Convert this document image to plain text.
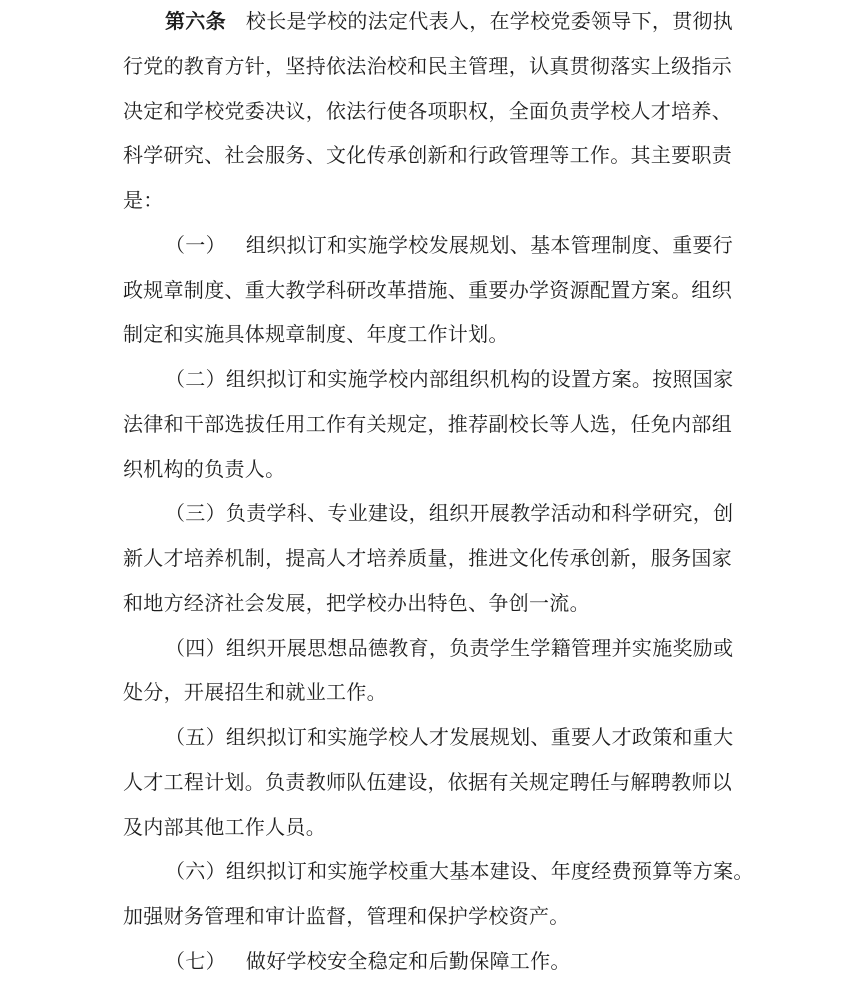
第六条 校长是学校的法定代表人，在学校党委领导下，贯彻执
行党的教育方针，坚持依法治校和民主管理，认真贯彻落实上级指示
决定和学校党委决议，依法行使各项职权，全面负责学校人才培养、
科学研究、社会服务、文化传承创新和行政管理等工作。其主要职责
是：
（一） 组织拟订和实施学校发展规划、基本管理制度、重要行
政规章制度、重大教学科研改革措施、重要办学资源配置方案。组织
制定和实施具体规章制度、年度工作计划。
（二）组织拟订和实施学校内部组织机构的设置方案。按照国家
法律和干部选拔任用工作有关规定，推荐副校长等人选，任免内部组
织机构的负责人。
（三）负责学科、专业建设，组织开展教学活动和科学研究，创
新人才培养机制，提高人才培养质量，推进文化传承创新，服务国家
和地方经济社会发展，把学校办出特色、争创一流。
（四）组织开展思想品德教育，负责学生学籍管理并实施奖励或
处分，开展招生和就业工作。
（五）组织拟订和实施学校人才发展规划、重要人才政策和重大
人才工程计划。负责教师队伍建设，依据有关规定聘任与解聘教师以
及内部其他工作人员。
（六）组织拟订和实施学校重大基本建设、年度经费预算等方案。
加强财务管理和审计监督，管理和保护学校资产。
（七） 做好学校安全稳定和后勤保障工作。
